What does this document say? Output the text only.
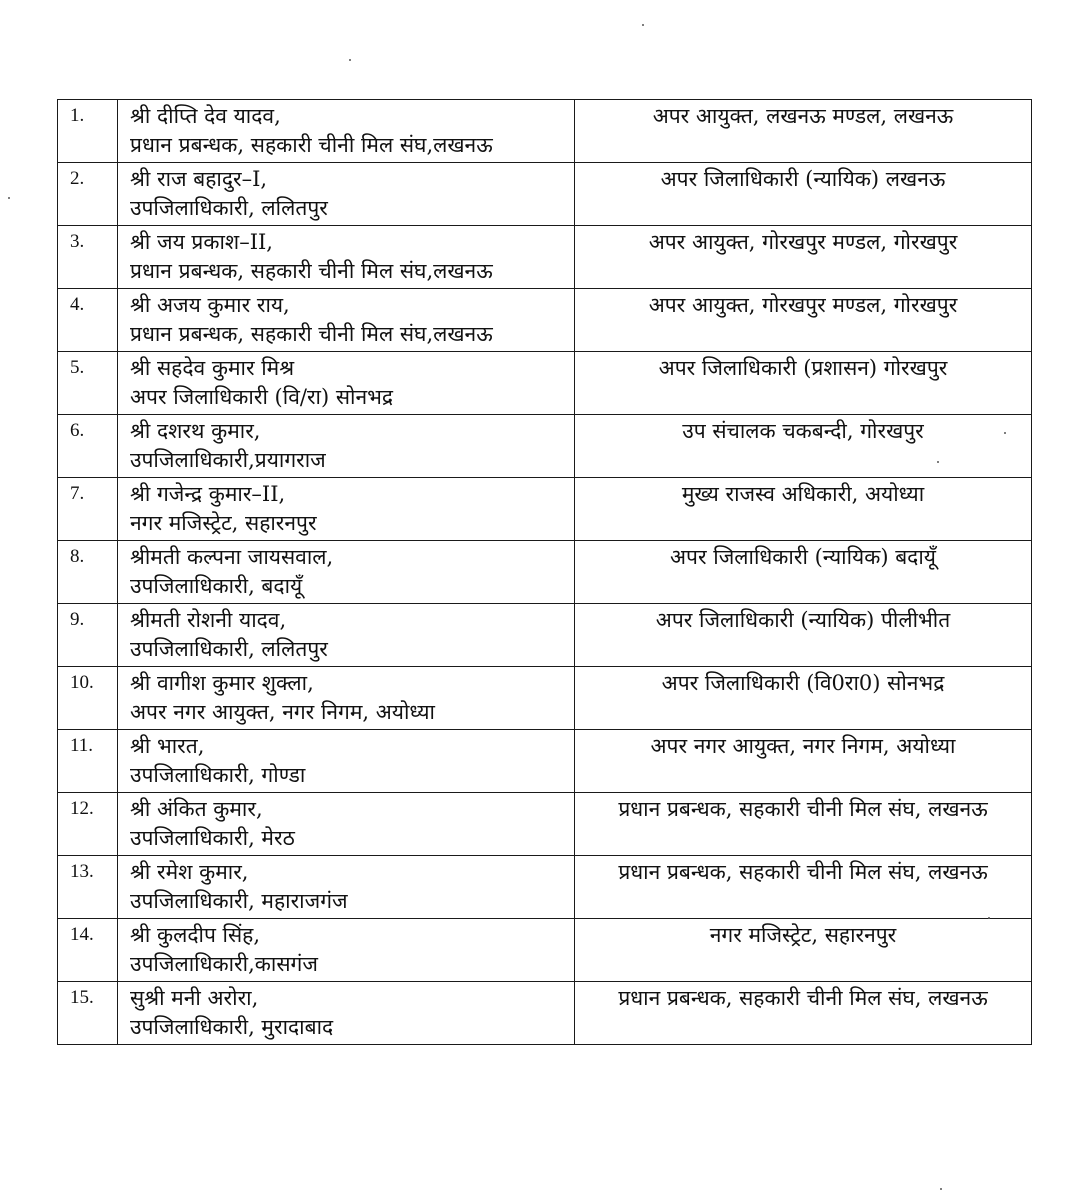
1.	श्री दीप्ति देव यादव,
प्रधान प्रबन्धक, सहकारी चीनी मिल संघ,लखनऊ	अपर आयुक्त, लखनऊ मण्डल, लखनऊ
2.	श्री राज बहादुर–I,
उपजिलाधिकारी, ललितपुर	अपर जिलाधिकारी (न्यायिक) लखनऊ
3.	श्री जय प्रकाश–II,
प्रधान प्रबन्धक, सहकारी चीनी मिल संघ,लखनऊ	अपर आयुक्त, गोरखपुर मण्डल, गोरखपुर
4.	श्री अजय कुमार राय,
प्रधान प्रबन्धक, सहकारी चीनी मिल संघ,लखनऊ	अपर आयुक्त, गोरखपुर मण्डल, गोरखपुर
5.	श्री सहदेव कुमार मिश्र
अपर जिलाधिकारी (वि/रा) सोनभद्र	अपर जिलाधिकारी (प्रशासन) गोरखपुर
6.	श्री दशरथ कुमार,
उपजिलाधिकारी,प्रयागराज	उप संचालक चकबन्दी, गोरखपुर
7.	श्री गजेन्द्र कुमार–II,
नगर मजिस्ट्रेट, सहारनपुर	मुख्य राजस्व अधिकारी, अयोध्या
8.	श्रीमती कल्पना जायसवाल,
उपजिलाधिकारी, बदायूँ	अपर जिलाधिकारी (न्यायिक) बदायूँ
9.	श्रीमती रोशनी यादव,
उपजिलाधिकारी, ललितपुर	अपर जिलाधिकारी (न्यायिक) पीलीभीत
10.	श्री वागीश कुमार शुक्ला,
अपर नगर आयुक्त, नगर निगम, अयोध्या	अपर जिलाधिकारी (वि0रा0) सोनभद्र
11.	श्री भारत,
उपजिलाधिकारी, गोण्डा	अपर नगर आयुक्त, नगर निगम, अयोध्या
12.	श्री अंकित कुमार,
उपजिलाधिकारी, मेरठ	प्रधान प्रबन्धक, सहकारी चीनी मिल संघ, लखनऊ
13.	श्री रमेश कुमार,
उपजिलाधिकारी, महाराजगंज	प्रधान प्रबन्धक, सहकारी चीनी मिल संघ, लखनऊ
14.	श्री कुलदीप सिंह,
उपजिलाधिकारी,कासगंज	नगर मजिस्ट्रेट, सहारनपुर
15.	सुश्री मनी अरोरा,
उपजिलाधिकारी, मुरादाबाद	प्रधान प्रबन्धक, सहकारी चीनी मिल संघ, लखनऊ
